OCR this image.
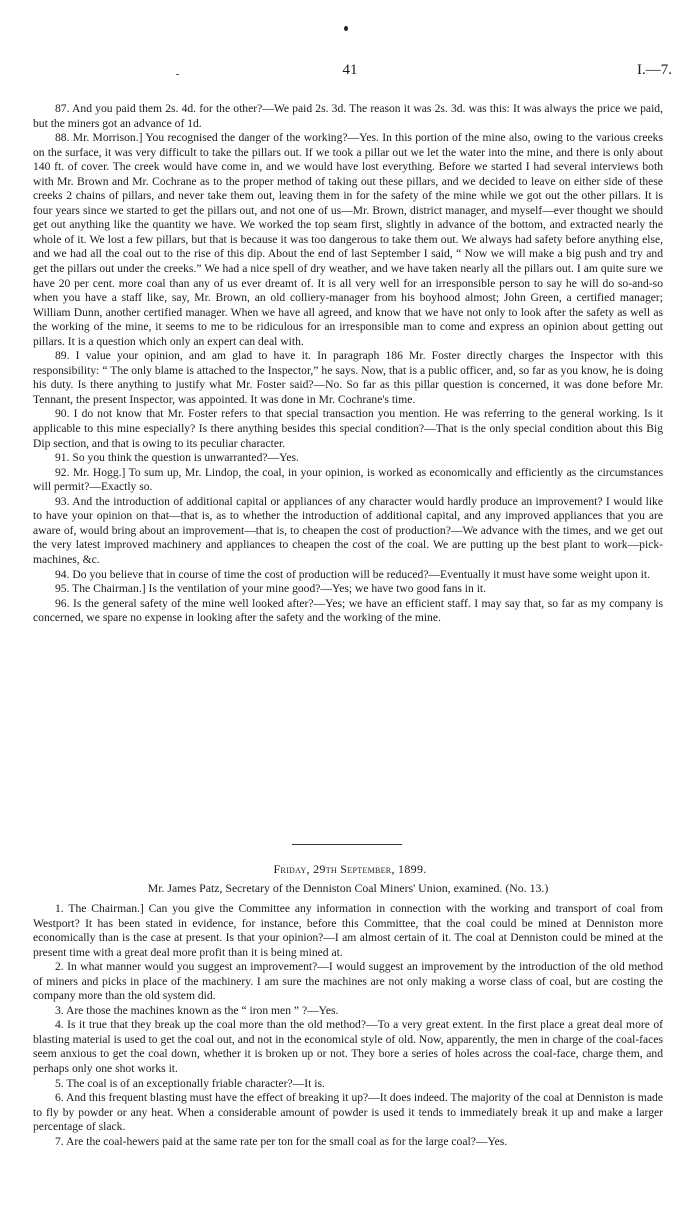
41	I.—7.

87. And you paid them 2s. 4d. for the other?—We paid 2s. 3d. The reason it was 2s. 3d. was this: It was always the price we paid, but the miners got an advance of 1d.

88. Mr. Morrison.] You recognised the danger of the working?—Yes. In this portion of the mine also, owing to the various creeks on the surface, it was very difficult to take the pillars out. If we took a pillar out we let the water into the mine, and there is only about 140 ft. of cover. The creek would have come in, and we would have lost everything. Before we started I had several interviews both with Mr. Brown and Mr. Cochrane as to the proper method of taking out these pillars, and we decided to leave on either side of these creeks 2 chains of pillars, and never take them out, leaving them in for the safety of the mine while we got out the other pillars. It is four years since we started to get the pillars out, and not one of us—Mr. Brown, district manager, and myself—ever thought we should get out anything like the quantity we have. We worked the top seam first, slightly in advance of the bottom, and extracted nearly the whole of it. We lost a few pillars, but that is because it was too dangerous to take them out. We always had safety before anything else, and we had all the coal out to the rise of this dip. About the end of last September I said, “ Now we will make a big push and try and get the pillars out under the creeks.” We had a nice spell of dry weather, and we have taken nearly all the pillars out. I am quite sure we have 20 per cent. more coal than any of us ever dreamt of. It is all very well for an irresponsible person to say he will do so-and-so when you have a staff like, say, Mr. Brown, an old colliery-manager from his boyhood almost; John Green, a certified manager; William Dunn, another certified manager. When we have all agreed, and know that we have not only to look after the safety as well as the working of the mine, it seems to me to be ridiculous for an irresponsible man to come and express an opinion about getting out pillars. It is a question which only an expert can deal with.

89. I value your opinion, and am glad to have it. In paragraph 186 Mr. Foster directly charges the Inspector with this responsibility: “ The only blame is attached to the Inspector,” he says. Now, that is a public officer, and, so far as you know, he is doing his duty. Is there anything to justify what Mr. Foster said?—No. So far as this pillar question is concerned, it was done before Mr. Tennant, the present Inspector, was appointed. It was done in Mr. Cochrane's time.

90. I do not know that Mr. Foster refers to that special transaction you mention. He was referring to the general working. Is it applicable to this mine especially? Is there anything besides this special condition?—That is the only special condition about this Big Dip section, and that is owing to its peculiar character.

91. So you think the question is unwarranted?—Yes.

92. Mr. Hogg.] To sum up, Mr. Lindop, the coal, in your opinion, is worked as economically and efficiently as the circumstances will permit?—Exactly so.

93. And the introduction of additional capital or appliances of any character would hardly produce an improvement? I would like to have your opinion on that—that is, as to whether the introduction of additional capital, and any improved appliances that you are aware of, would bring about an improvement—that is, to cheapen the cost of production?—We advance with the times, and we get out the very latest improved machinery and appliances to cheapen the cost of the coal. We are putting up the best plant to work—pick-machines, &c.

94. Do you believe that in course of time the cost of production will be reduced?—Eventually it must have some weight upon it.

95. The Chairman.] Is the ventilation of your mine good?—Yes; we have two good fans in it.

96. Is the general safety of the mine well looked after?—Yes; we have an efficient staff. I may say that, so far as my company is concerned, we spare no expense in looking after the safety and the working of the mine.

Friday, 29th September, 1899.
Mr. James Patz, Secretary of the Denniston Coal Miners' Union, examined. (No. 13.)

1. The Chairman.] Can you give the Committee any information in connection with the working and transport of coal from Westport? It has been stated in evidence, for instance, before this Committee, that the coal could be mined at Denniston more economically than is the case at present. Is that your opinion?—I am almost certain of it. The coal at Denniston could be mined at the present time with a great deal more profit than it is being mined at.

2. In what manner would you suggest an improvement?—I would suggest an improvement by the introduction of the old method of miners and picks in place of the machinery. I am sure the machines are not only making a worse class of coal, but are costing the company more than the old system did.

3. Are those the machines known as the “ iron men ” ?—Yes.

4. Is it true that they break up the coal more than the old method?—To a very great extent. In the first place a great deal more of blasting material is used to get the coal out, and not in the economical style of old. Now, apparently, the men in charge of the coal-faces seem anxious to get the coal down, whether it is broken up or not. They bore a series of holes across the coal-face, charge them, and perhaps only one shot works it.

5. The coal is of an exceptionally friable character?—It is.

6. And this frequent blasting must have the effect of breaking it up?—It does indeed. The majority of the coal at Denniston is made to fly by powder or any heat. When a considerable amount of powder is used it tends to immediately break it up and make a larger percentage of slack.

7. Are the coal-hewers paid at the same rate per ton for the small coal as for the large coal?—Yes.
